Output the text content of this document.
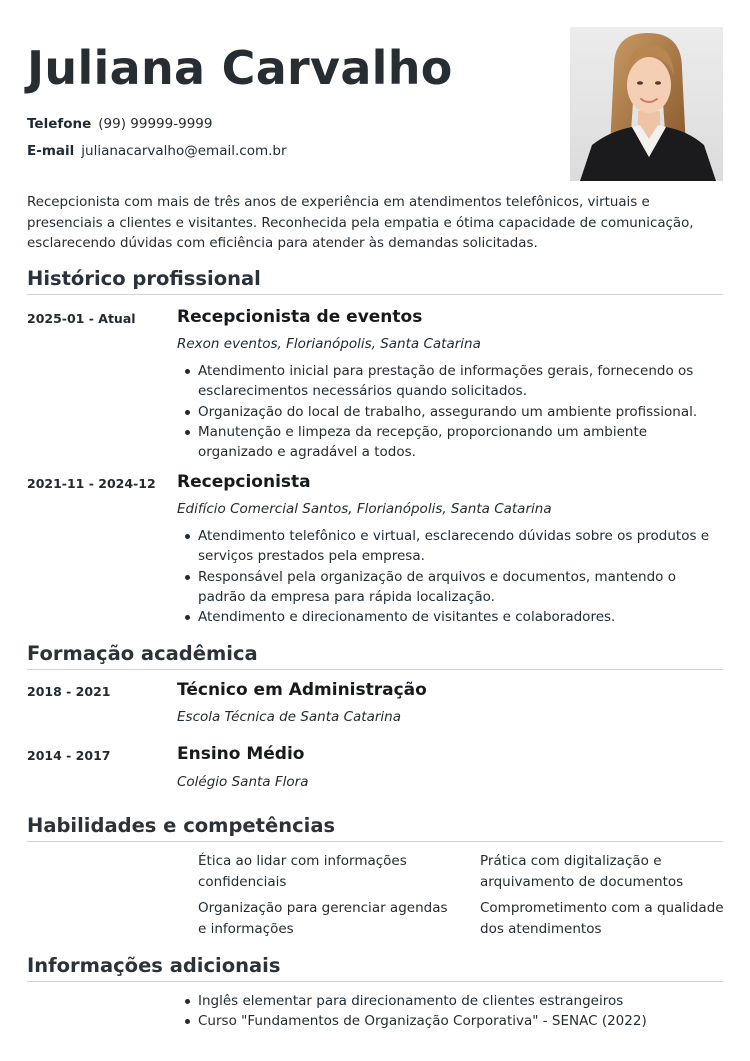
Juliana Carvalho
Telefone (99) 99999-9999
E-mail julianacarvalho@email.com.br
Recepcionista com mais de três anos de experiência em atendimentos telefônicos, virtuais e presenciais a clientes e visitantes. Reconhecida pela empatia e ótima capacidade de comunicação, esclarecendo dúvidas com eficiência para atender às demandas solicitadas.
Histórico profissional
2025-01 - Atual Recepcionista de eventos
Rexon eventos, Florianópolis, Santa Catarina
Atendimento inicial para prestação de informações gerais, fornecendo os esclarecimentos necessários quando solicitados.
Organização do local de trabalho, assegurando um ambiente profissional.
Manutenção e limpeza da recepção, proporcionando um ambiente organizado e agradável a todos.
2021-11 - 2024-12 Recepcionista
Edifício Comercial Santos, Florianópolis, Santa Catarina
Atendimento telefônico e virtual, esclarecendo dúvidas sobre os produtos e serviços prestados pela empresa.
Responsável pela organização de arquivos e documentos, mantendo o padrão da empresa para rápida localização.
Atendimento e direcionamento de visitantes e colaboradores.
Formação acadêmica
2018 - 2021	Técnico em Administração
Escola Técnica de Santa Catarina
2014 - 2017	Ensino Médio
Colégio Santa Flora
Habilidades e competências
Ética ao lidar com informações confidenciais
Prática com digitalização e arquivamento de documentos
Organização para gerenciar agendas e informações
Comprometimento com a qualidade dos atendimentos
Informações adicionais
Inglês elementar para direcionamento de clientes estrangeiros
Curso "Fundamentos de Organização Corporativa" - SENAC (2022)
